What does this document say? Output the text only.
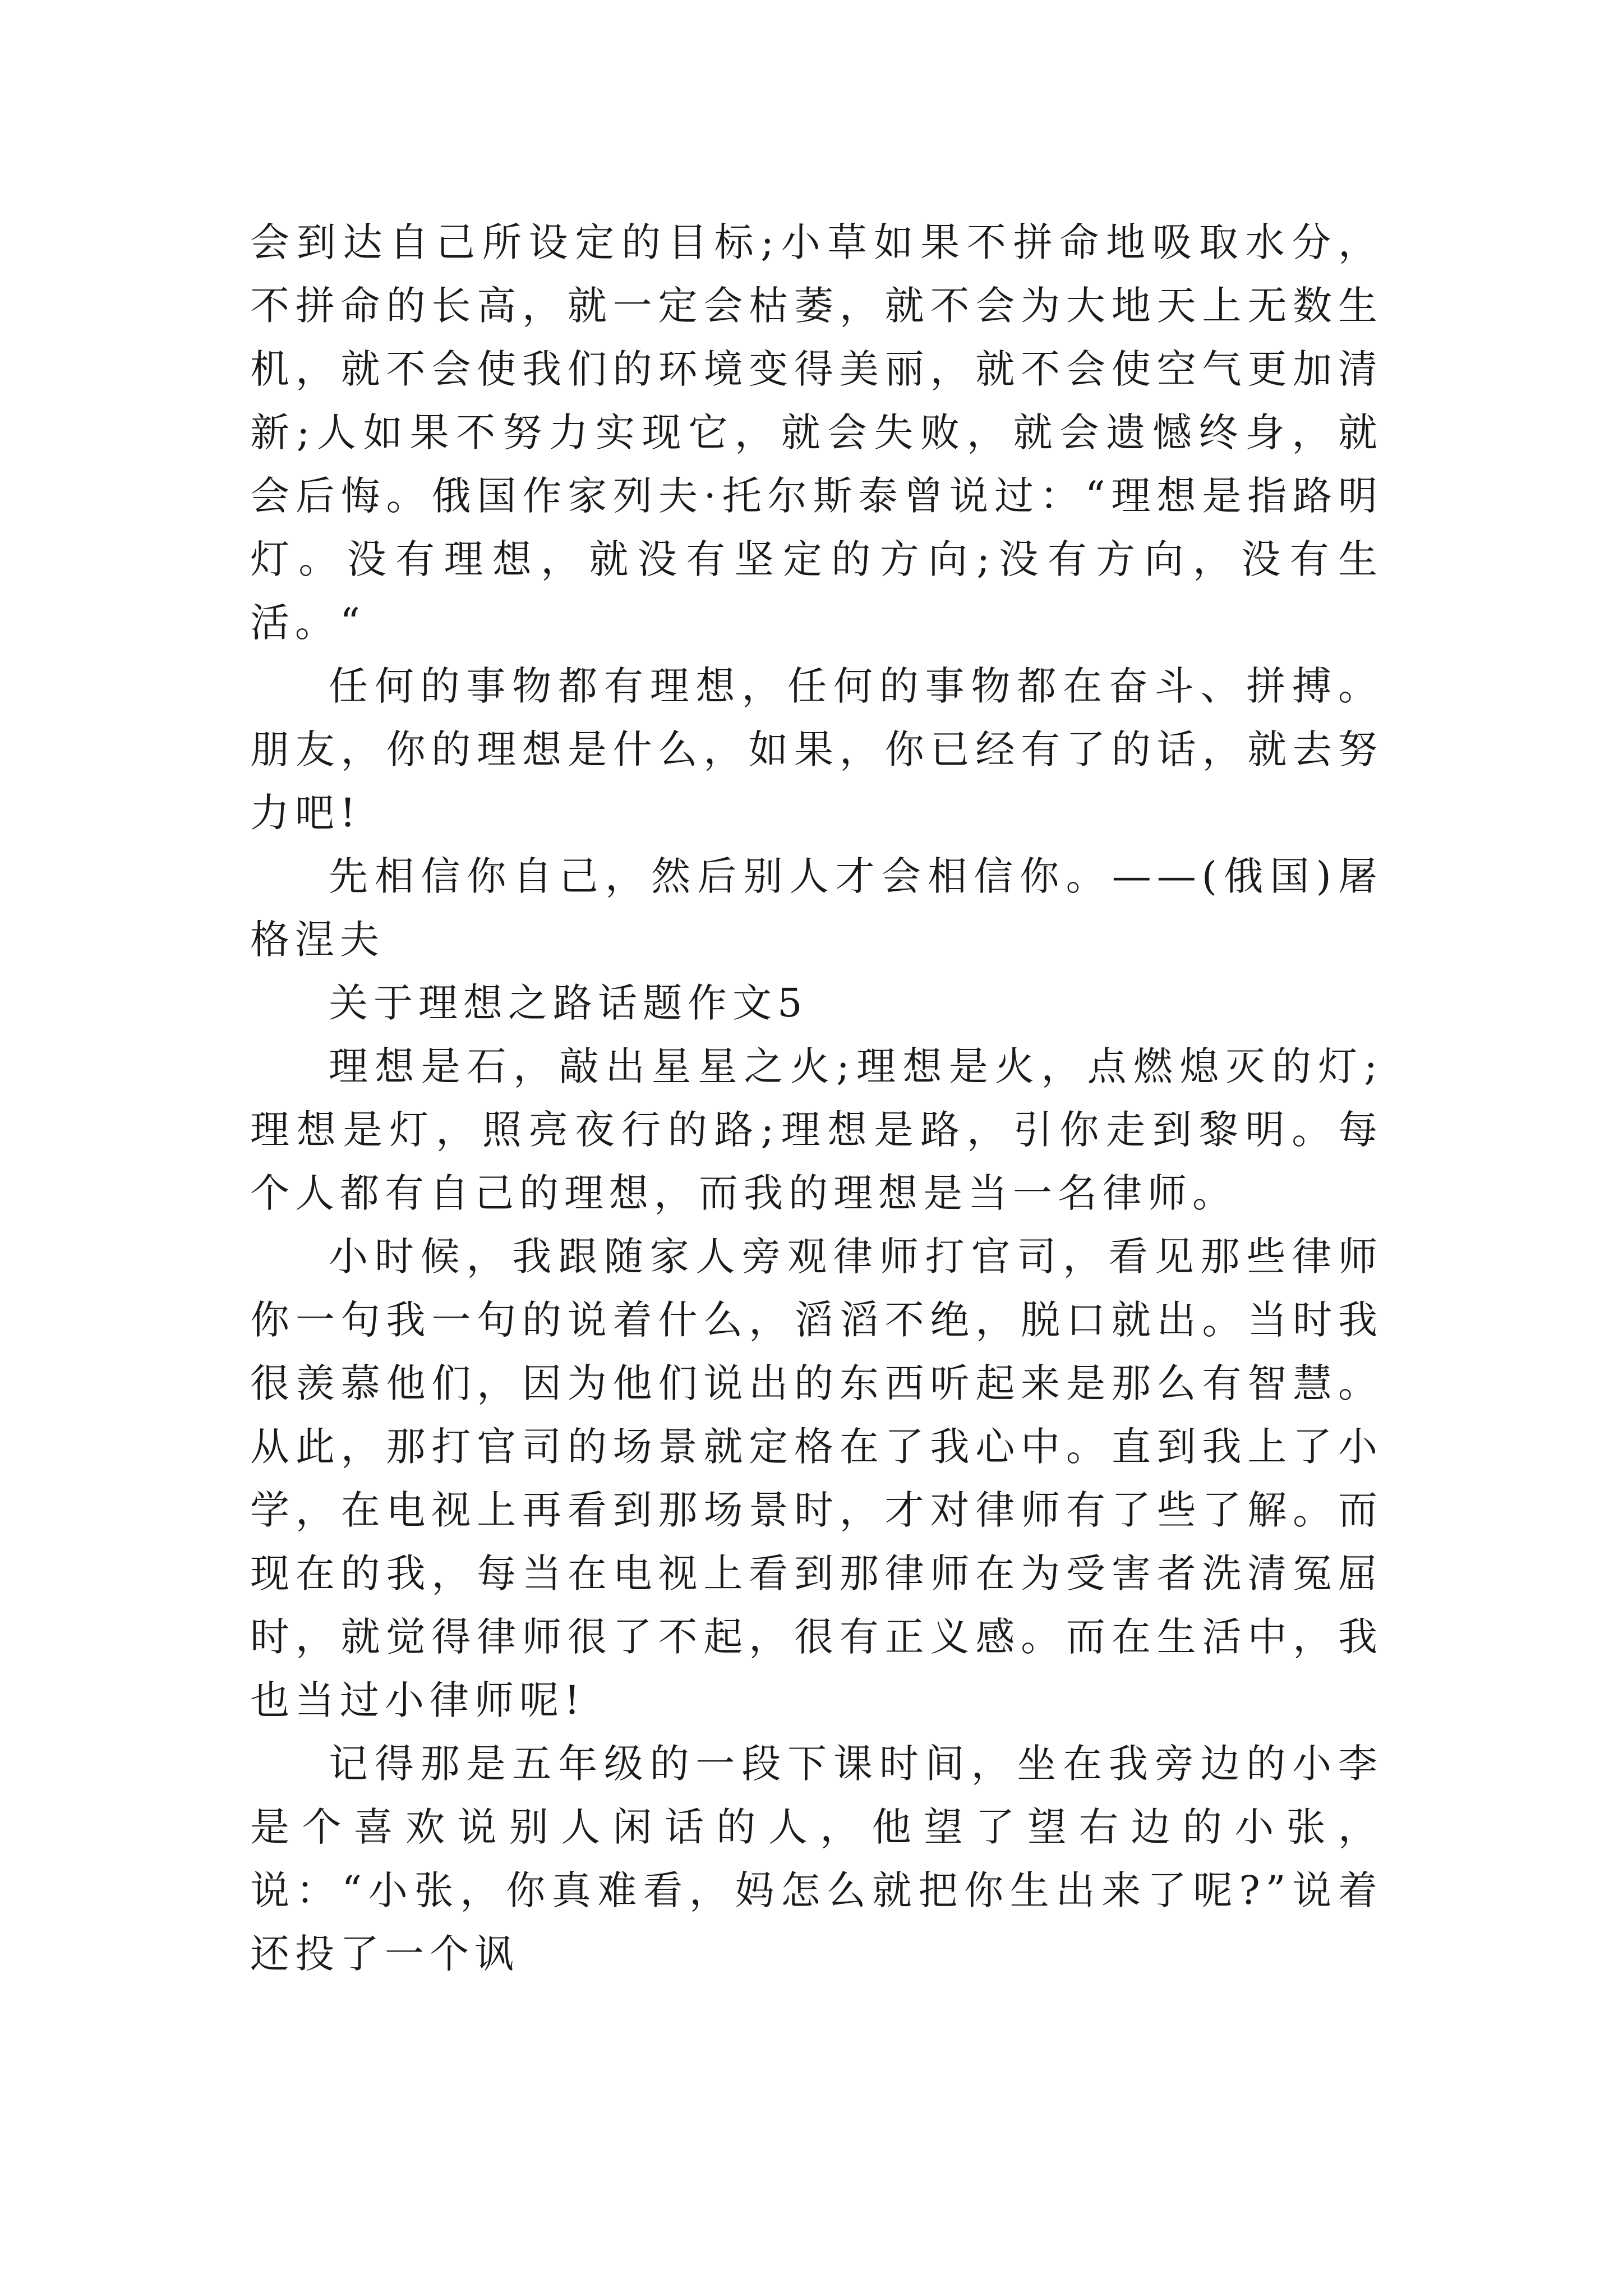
会到达自己所设定的目标;小草如果不拼命地吸取水分，不拼命的长高，就一定会枯萎，就不会为大地天上无数生机，就不会使我们的环境变得美丽，就不会使空气更加清新;人如果不努力实现它，就会失败，就会遗憾终身，就会后悔。俄国作家列夫·托尔斯泰曾说过：“理想是指路明灯。没有理想，就没有坚定的方向;没有方向，没有生活。“

任何的事物都有理想，任何的事物都在奋斗、拼搏。朋友，你的理想是什么，如果，你已经有了的话，就去努力吧!

先相信你自己，然后别人才会相信你。——(俄国)屠格涅夫

关于理想之路话题作文5

理想是石，敲出星星之火;理想是火，点燃熄灭的灯;理想是灯，照亮夜行的路;理想是路，引你走到黎明。每个人都有自己的理想，而我的理想是当一名律师。

小时候，我跟随家人旁观律师打官司，看见那些律师你一句我一句的说着什么，滔滔不绝，脱口就出。当时我很羡慕他们，因为他们说出的东西听起来是那么有智慧。从此，那打官司的场景就定格在了我心中。直到我上了小学，在电视上再看到那场景时，才对律师有了些了解。而现在的我，每当在电视上看到那律师在为受害者洗清冤屈时，就觉得律师很了不起，很有正义感。而在生活中，我也当过小律师呢!

记得那是五年级的一段下课时间，坐在我旁边的小李是个喜欢说别人闲话的人，他望了望右边的小张，说：“小张，你真难看，妈怎么就把你生出来了呢?”说着还投了一个讽
